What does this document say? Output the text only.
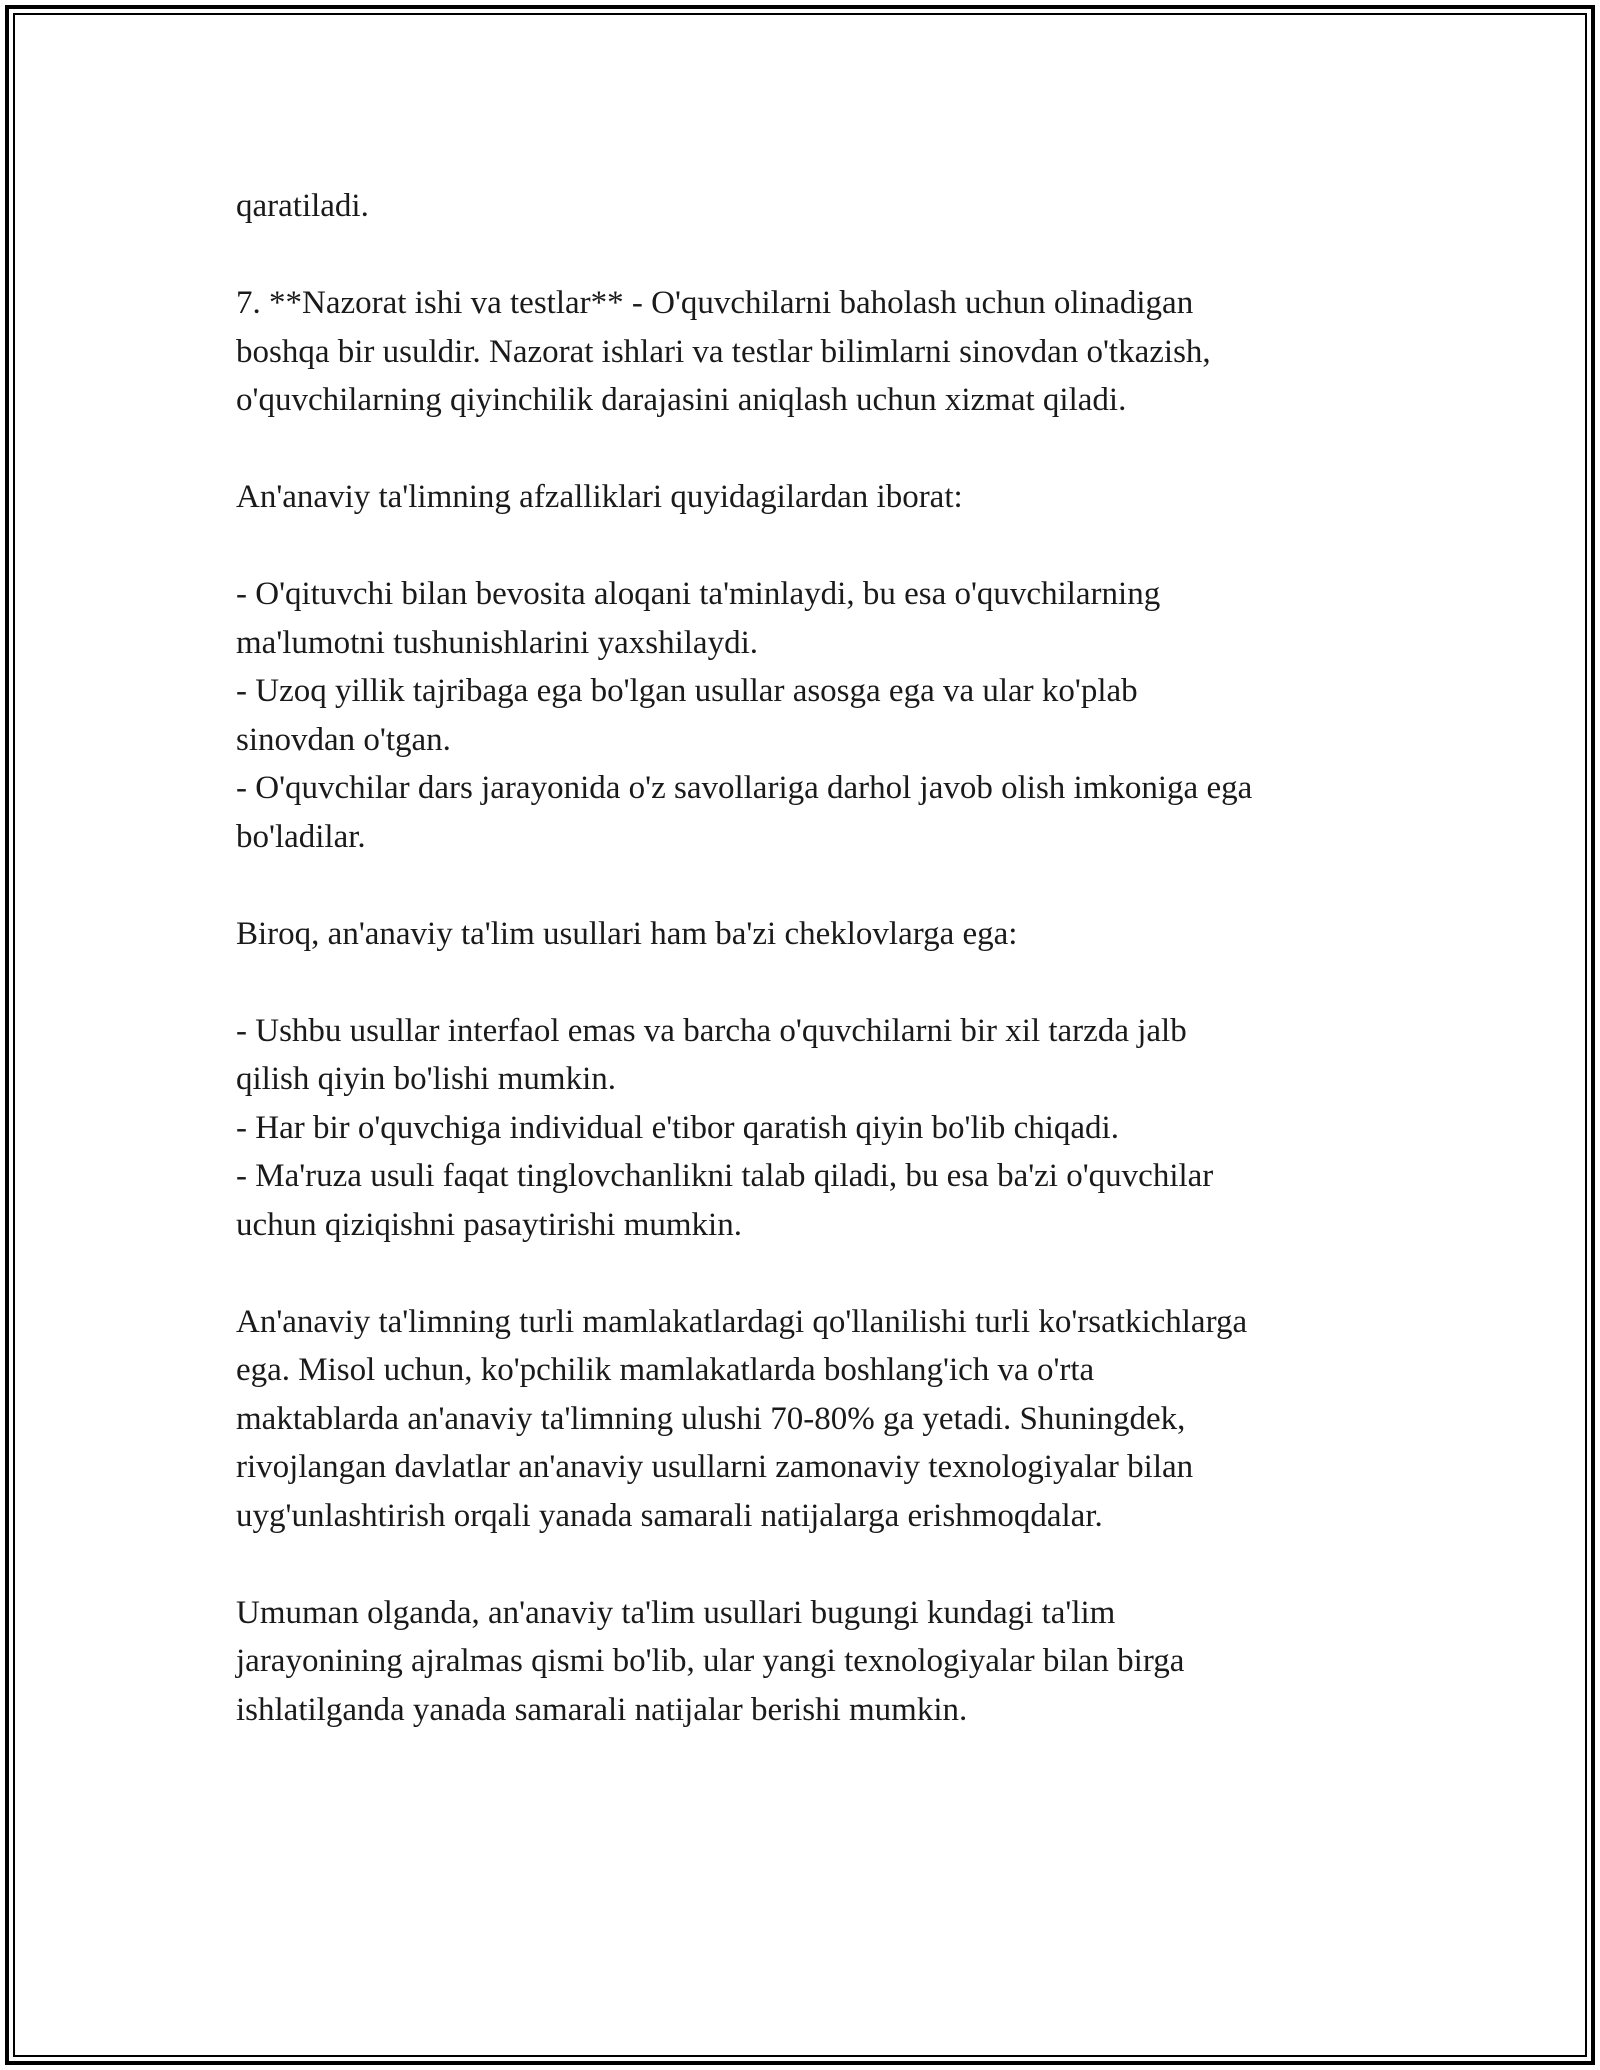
qaratiladi.

7. **Nazorat ishi va testlar** - O'quvchilarni baholash uchun olinadigan

boshqa bir usuldir. Nazorat ishlari va testlar bilimlarni sinovdan o'tkazish,

o'quvchilarning qiyinchilik darajasini aniqlash uchun xizmat qiladi.

An'anaviy ta'limning afzalliklari quyidagilardan iborat:

- O'qituvchi bilan bevosita aloqani ta'minlaydi, bu esa o'quvchilarning

ma'lumotni tushunishlarini yaxshilaydi.

- Uzoq yillik tajribaga ega bo'lgan usullar asosga ega va ular ko'plab

sinovdan o'tgan.

- O'quvchilar dars jarayonida o'z savollariga darhol javob olish imkoniga ega

bo'ladilar.

Biroq, an'anaviy ta'lim usullari ham ba'zi cheklovlarga ega:

- Ushbu usullar interfaol emas va barcha o'quvchilarni bir xil tarzda jalb

qilish qiyin bo'lishi mumkin.

- Har bir o'quvchiga individual e'tibor qaratish qiyin bo'lib chiqadi.

- Ma'ruza usuli faqat tinglovchanlikni talab qiladi, bu esa ba'zi o'quvchilar

uchun qiziqishni pasaytirishi mumkin.

An'anaviy ta'limning turli mamlakatlardagi qo'llanilishi turli ko'rsatkichlarga

ega. Misol uchun, ko'pchilik mamlakatlarda boshlang'ich va o'rta

maktablarda an'anaviy ta'limning ulushi 70-80% ga yetadi. Shuningdek,

rivojlangan davlatlar an'anaviy usullarni zamonaviy texnologiyalar bilan

uyg'unlashtirish orqali yanada samarali natijalarga erishmoqdalar.

Umuman olganda, an'anaviy ta'lim usullari bugungi kundagi ta'lim

jarayonining ajralmas qismi bo'lib, ular yangi texnologiyalar bilan birga

ishlatilganda yanada samarali natijalar berishi mumkin.
